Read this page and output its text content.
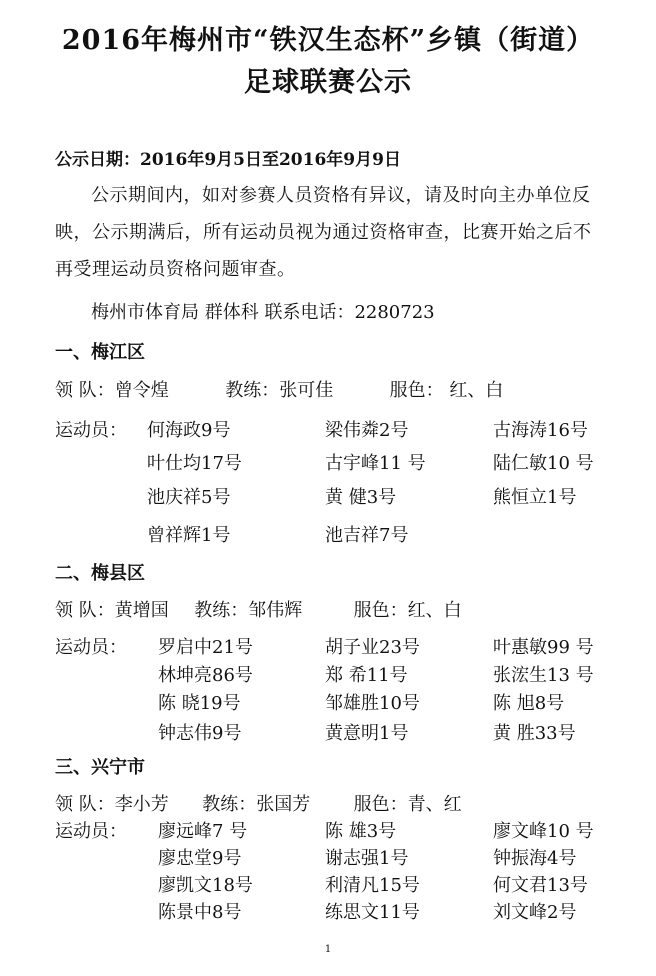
2016年梅州市“铁汉生态杯”乡镇（街道）
足球联赛公示
公示日期：2016年9月5日至2016年9月9日
公示期间内，如对参赛人员资格有异议，请及时向主办单位反映，公示期满后，所有运动员视为通过资格审查，比赛开始之后不再受理运动员资格问题审查。
梅州市体育局 群体科 联系电话：2280723
一、梅江区
领 队：曾令煌	教练：张可佳	服色： 红、白
运动员： 何海政9号	梁伟粦2号	古海涛16号
叶仕均17号	古宇峰11 号	陆仁敏10 号
池庆祥5号	黄 健3号	熊恒立1号
曾祥辉1号	池吉祥7号
二、梅县区
领 队：黄增国 教练：邹伟辉	服色：红、白
运动员： 罗启中21号	胡子业23号	叶惠敏99 号
林坤亮86号	郑 希11号	张浤生13 号
陈 晓19号	邹雄胜10号	陈 旭8号
钟志伟9号	黄意明1号	黄 胜33号
三、兴宁市
领 队：李小芳 教练：张国芳 服色：青、红
运动员： 廖远峰7 号	陈 雄3号	廖文峰10 号
廖忠堂9号	谢志强1号	钟振海4号
廖凯文18号	利清凡15号	何文君13号
陈景中8号	练思文11号	刘文峰2号
1
